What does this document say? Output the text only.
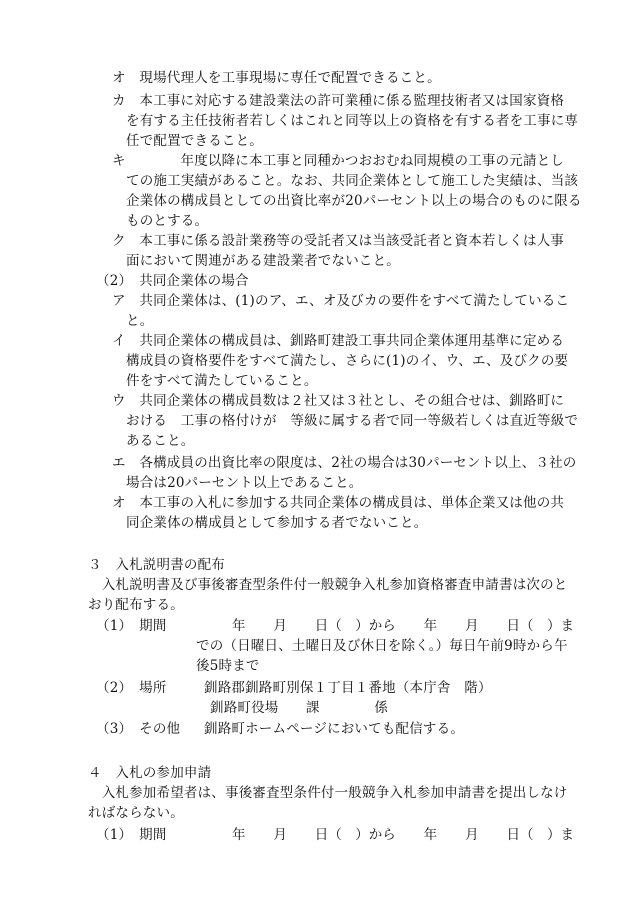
オ　現場代理人を工事現場に専任で配置できること。
カ　本工事に対応する建設業法の許可業種に係る監理技術者又は国家資格
を有する主任技術者若しくはこれと同等以上の資格を有する者を工事に専
任で配置できること。
キ　　　　年度以降に本工事と同種かつおおむね同規模の工事の元請とし
ての施工実績があること。なお、共同企業体として施工した実績は、当該
企業体の構成員としての出資比率が20パーセント以上の場合のものに限る
ものとする。
ク　本工事に係る設計業務等の受託者又は当該受託者と資本若しくは人事
面において関連がある建設業者でないこと。
（2）　共同企業体の場合
ア　共同企業体は、(1)のア、エ、オ及びカの要件をすべて満たしているこ
と。
イ　共同企業体の構成員は、釧路町建設工事共同企業体運用基準に定める
構成員の資格要件をすべて満たし、さらに(1)のイ、ウ、エ、及びクの要
件をすべて満たしていること。
ウ　共同企業体の構成員数は２社又は３社とし、その組合せは、釧路町に
おける　工事の格付けが　等級に属する者で同一等級若しくは直近等級で
あること。
エ　各構成員の出資比率の限度は、2社の場合は30パーセント以上、３社の
場合は20パーセント以上であること。
オ　本工事の入札に参加する共同企業体の構成員は、単体企業又は他の共
同企業体の構成員として参加する者でないこと。
３　入札説明書の配布
　入札説明書及び事後審査型条件付一般競争入札参加資格審査申請書は次のと
おり配布する。
（1）　期間	年 月 日（　）から 年 月 日（　）ま
での（日曜日、土曜日及び休日を除く。）毎日午前9時から午
後5時まで
（2）　場所	釧路郡釧路町別保１丁目１番地（本庁舎　階）
釧路町役場　　課　　　　係
（3）　その他 釧路町ホームページにおいても配信する。
４　入札の参加申請
　入札参加希望者は、事後審査型条件付一般競争入札参加申請書を提出しなけ
ればならない。
（1）　期間	年 月 日（　）から 年 月 日（　）ま
